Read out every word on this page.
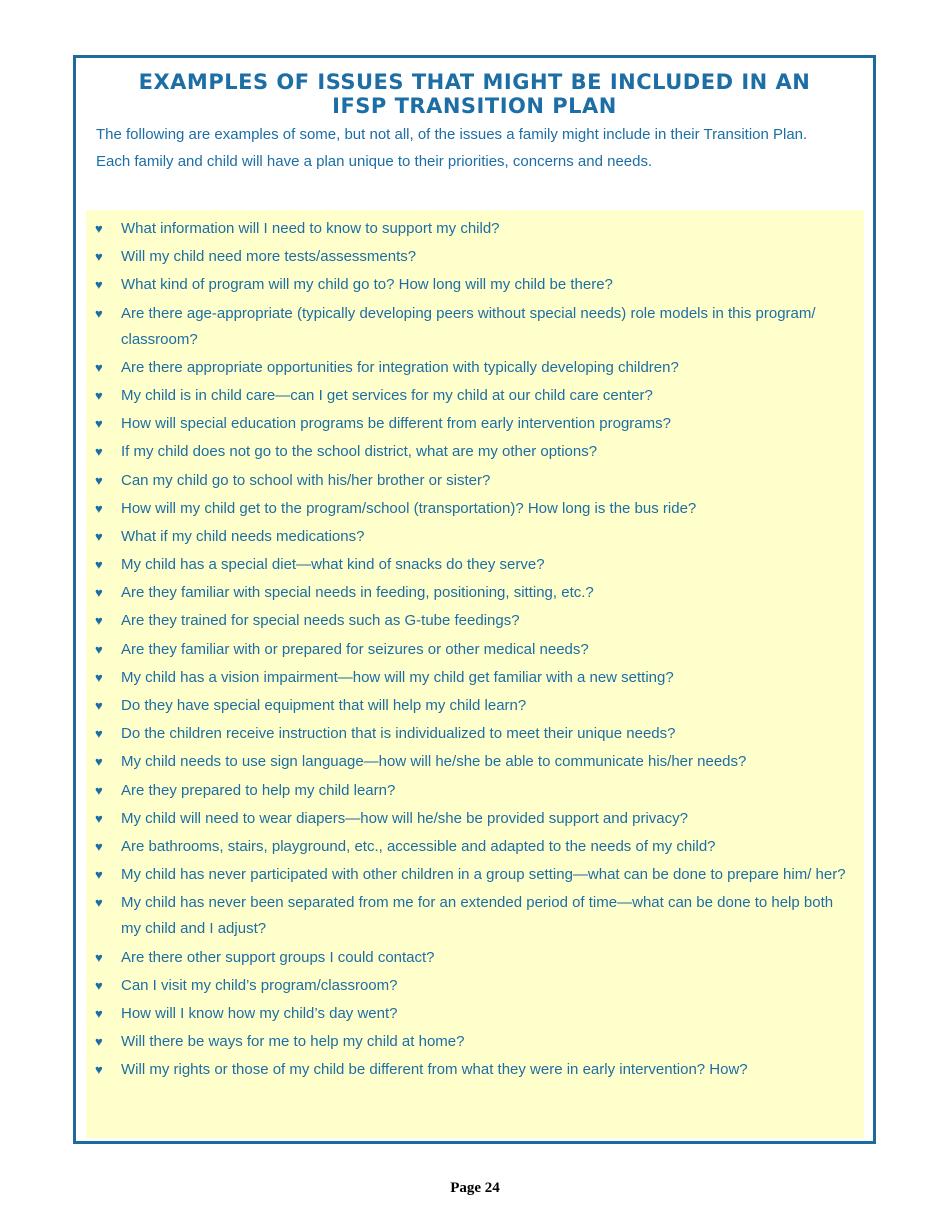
EXAMPLES OF ISSUES THAT MIGHT BE INCLUDED IN AN
IFSP TRANSITION PLAN
The following are examples of some, but not all, of the issues a family might include in their Transition Plan.
Each family and child will have a plan unique to their priorities, concerns and needs.
♥ What information will I need to know to support my child?
♥ Will my child need more tests/assessments?
♥ What kind of program will my child go to? How long will my child be there?
♥ Are there age-appropriate (typically developing peers without special needs) role models in this program/ classroom?
♥ Are there appropriate opportunities for integration with typically developing children?
♥ My child is in child care—can I get services for my child at our child care center?
♥ How will special education programs be different from early intervention programs?
♥ If my child does not go to the school district, what are my other options?
♥ Can my child go to school with his/her brother or sister?
♥ How will my child get to the program/school (transportation)? How long is the bus ride?
♥ What if my child needs medications?
♥ My child has a special diet—what kind of snacks do they serve?
♥ Are they familiar with special needs in feeding, positioning, sitting, etc.?
♥ Are they trained for special needs such as G-tube feedings?
♥ Are they familiar with or prepared for seizures or other medical needs?
♥ My child has a vision impairment—how will my child get familiar with a new setting?
♥ Do they have special equipment that will help my child learn?
♥ Do the children receive instruction that is individualized to meet their unique needs?
♥ My child needs to use sign language—how will he/she be able to communicate his/her needs?
♥ Are they prepared to help my child learn?
♥ My child will need to wear diapers—how will he/she be provided support and privacy?
♥ Are bathrooms, stairs, playground, etc., accessible and adapted to the needs of my child?
♥ My child has never participated with other children in a group setting—what can be done to prepare him/ her?
♥ My child has never been separated from me for an extended period of time—what can be done to help both my child and I adjust?
♥ Are there other support groups I could contact?
♥ Can I visit my child’s program/classroom?
♥ How will I know how my child’s day went?
♥ Will there be ways for me to help my child at home?
♥ Will my rights or those of my child be different from what they were in early intervention? How?
Page 24
